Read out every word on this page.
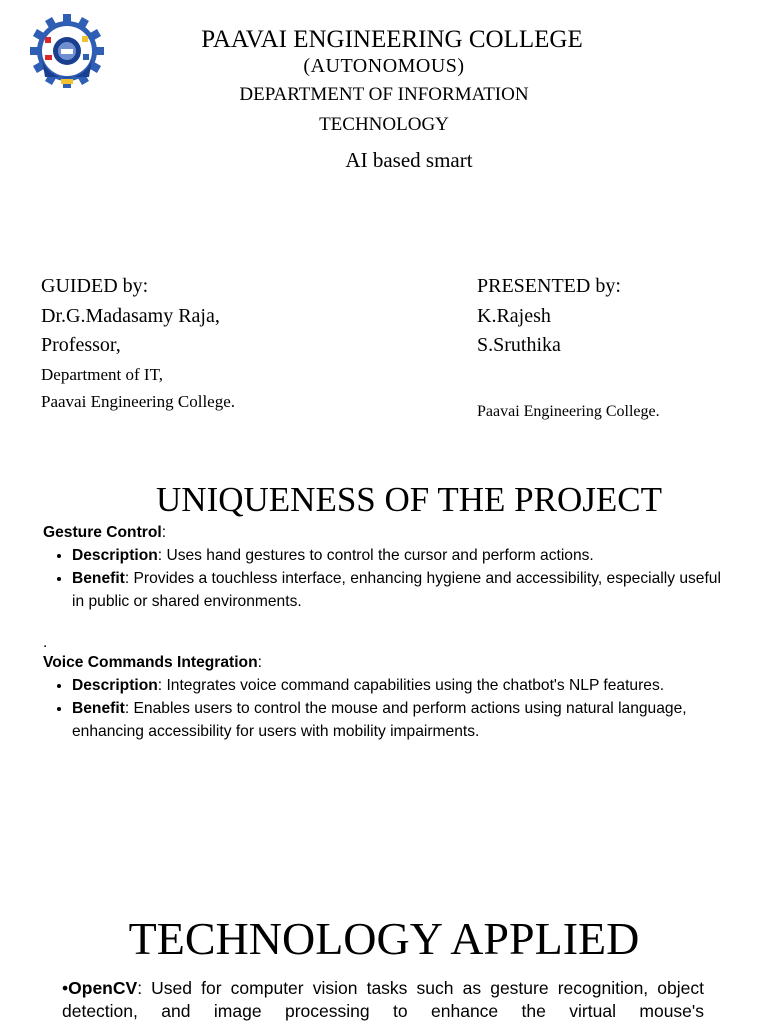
PAAVAI ENGINEERING COLLEGE
(AUTONOMOUS)
DEPARTMENT OF INFORMATION
TECHNOLOGY
AI based smart
GUIDED by:
Dr.G.Madasamy Raja,
Professor,
Department of IT,
Paavai Engineering College.
PRESENTED by:
K.Rajesh
S.Sruthika
Paavai Engineering College.
UNIQUENESS OF THE PROJECT
Gesture Control:
• Description: Uses hand gestures to control the cursor and perform actions.
• Benefit: Provides a touchless interface, enhancing hygiene and accessibility, especially useful in public or shared environments.

.
Voice Commands Integration:
• Description: Integrates voice command capabilities using the chatbot's NLP features.
• Benefit: Enables users to control the mouse and perform actions using natural language, enhancing accessibility for users with mobility impairments.
TECHNOLOGY APPLIED
•OpenCV: Used for computer vision tasks such as gesture recognition, object detection, and image processing to enhance the virtual mouse's
